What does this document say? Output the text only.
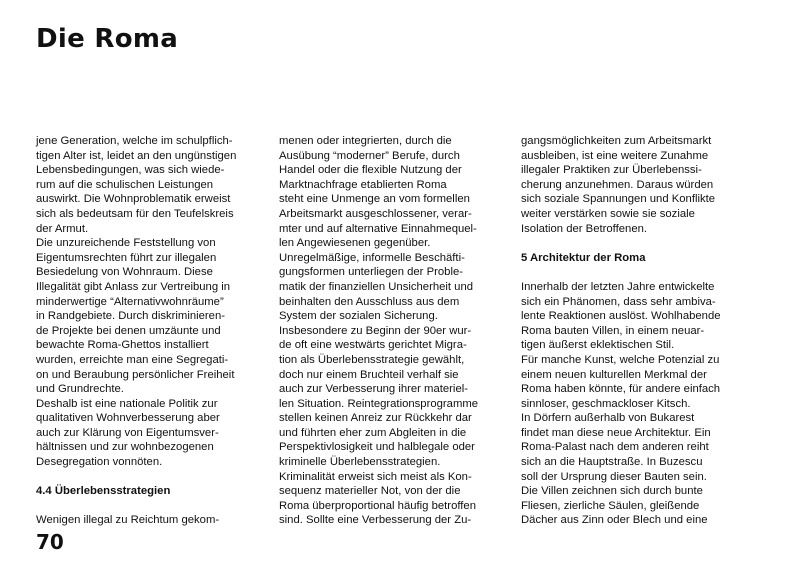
Die Roma
jene Generation, welche im schulpflich-
tigen Alter ist, leidet an den ungünstigen
Lebensbedingungen, was sich wiede-
rum auf die schulischen Leistungen
auswirkt. Die Wohnproblematik erweist
sich als bedeutsam für den Teufelskreis
der Armut.
Die unzureichende Feststellung von
Eigentumsrechten führt zur illegalen
Besiedelung von Wohnraum. Diese
Illegalität gibt Anlass zur Vertreibung in
minderwertige “Alternativwohnräume”
in Randgebiete. Durch diskriminieren-
de Projekte bei denen umzäunte und
bewachte Roma-Ghettos installiert
wurden, erreichte man eine Segregati-
on und Beraubung persönlicher Freiheit
und Grundrechte.
Deshalb ist eine nationale Politik zur
qualitativen Wohnverbesserung aber
auch zur Klärung von Eigentumsver-
hältnissen und zur wohnbezogenen
Desegregation vonnöten.
4.4 Überlebensstrategien
Wenigen illegal zu Reichtum gekom-
menen oder integrierten, durch die
Ausübung “moderner” Berufe, durch
Handel oder die flexible Nutzung der
Marktnachfrage etablierten Roma
steht eine Unmenge an vom formellen
Arbeitsmarkt ausgeschlossener, verar-
mter und auf alternative Einnahmequel-
len Angewiesenen gegenüber.
Unregelmäßige, informelle Beschäfti-
gungsformen unterliegen der Proble-
matik der finanziellen Unsicherheit und
beinhalten den Ausschluss aus dem
System der sozialen Sicherung.
Insbesondere zu Beginn der 90er wur-
de oft eine westwärts gerichtet Migra-
tion als Überlebensstrategie gewählt,
doch nur einem Bruchteil verhalf sie
auch zur Verbesserung ihrer materiel-
len Situation. Reintegrationsprogramme
stellen keinen Anreiz zur Rückkehr dar
und führten eher zum Abgleiten in die
Perspektivlosigkeit und halblegale oder
kriminelle Überlebensstrategien.
Kriminalität erweist sich meist als Kon-
sequenz materieller Not, von der die
Roma überproportional häufig betroffen
sind. Sollte eine Verbesserung der Zu-
gangsmöglichkeiten zum Arbeitsmarkt
ausbleiben, ist eine weitere Zunahme
illegaler Praktiken zur Überlebenssi-
cherung anzunehmen. Daraus würden
sich soziale Spannungen und Konflikte
weiter verstärken sowie sie soziale
Isolation der Betroffenen.
5 Architektur der Roma
Innerhalb der letzten Jahre entwickelte
sich ein Phänomen, dass sehr ambiva-
lente Reaktionen auslöst. Wohlhabende
Roma bauten Villen, in einem neuar-
tigen äußerst eklektischen Stil.
Für manche Kunst, welche Potenzial zu
einem neuen kulturellen Merkmal der
Roma haben könnte, für andere einfach
sinnloser, geschmackloser Kitsch.
In Dörfern außerhalb von Bukarest
findet man diese neue Architektur. Ein
Roma-Palast nach dem anderen reiht
sich an die Hauptstraße. In Buzescu
soll der Ursprung dieser Bauten sein.
Die Villen zeichnen sich durch bunte
Fliesen, zierliche Säulen, gleißende
Dächer aus Zinn oder Blech und eine
70
